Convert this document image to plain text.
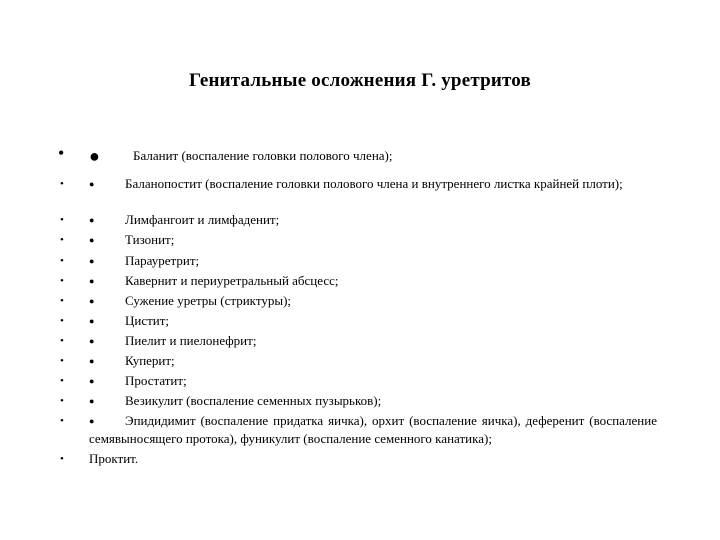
Генитальные осложнения Г. уретритов
• ●	Баланит (воспаление головки полового члена);
•	● Баланопостит (воспаление головки полового члена и внутреннего листка крайней плоти);
•	● Лимфангоит и лимфаденит;
•	● Тизонит;
•	● Парауретрит;
•	● Кавернит и периуретральный абсцесс;
•	● Сужение уретры (стриктуры);
•	● Цистит;
•	● Пиелит и пиелонефрит;
•	● Куперит;
•	● Простатит;
•	● Везикулит (воспаление семенных пузырьков);
•	● Эпидидимит (воспаление придатка яичка), орхит (воспаление яичка), деференит (воспаление семявыносящего протока), фуникулит (воспаление семенного канатика);
• Проктит.
